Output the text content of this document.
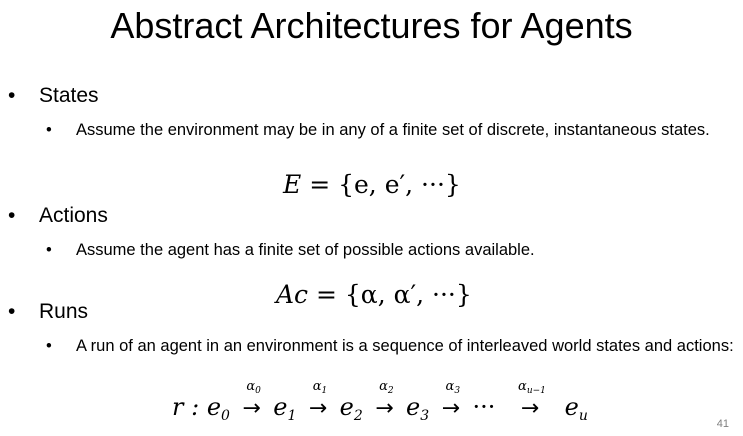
Abstract Architectures for Agents
•	States
• Assume the environment may be in any of a finite set of discrete, instantaneous states.
E = {e, e′, ···}
•	Actions
• Assume the agent has a finite set of possible actions available.
Ac = {α, α′, ···}
•	Runs
• A run of an agent in an environment is a sequence of interleaved world states and actions:
r : $e_0$
$\alpha_0$
→ $e_1$
$\alpha_1$
→ $e_2$
$\alpha_2$
→ $e_3$
$\alpha_3$
→ ···
$\alpha_{u-1}$
→ $e_u$	41
